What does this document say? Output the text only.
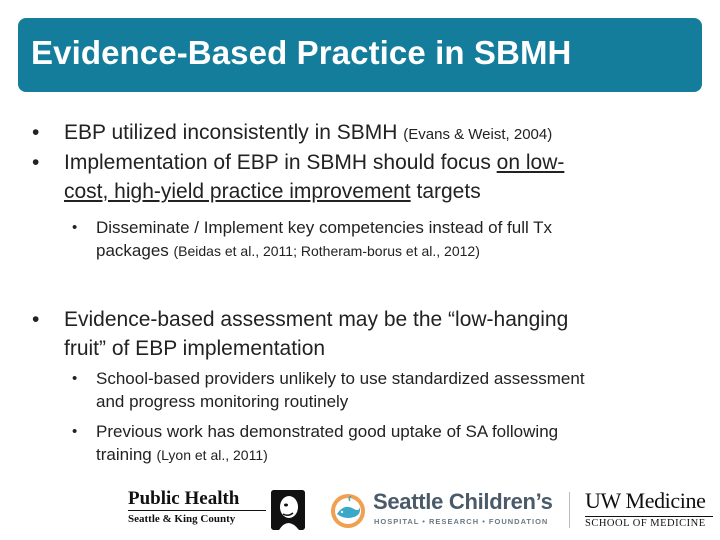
Evidence-Based Practice in SBMH
• EBP utilized inconsistently in SBMH (Evans & Weist, 2004)
• Implementation of EBP in SBMH should focus on low-
cost, high-yield practice improvement targets
• Disseminate / Implement key competencies instead of full Tx
packages (Beidas et al., 2011; Rotheram-borus et al., 2012)
• Evidence-based assessment may be the “low-hanging
fruit” of EBP implementation
• School-based providers unlikely to use standardized assessment
and progress monitoring routinely
• Previous work has demonstrated good uptake of SA following
training (Lyon et al., 2011)
Public Health
Seattle & King County
Seattle Children’s
HOSPITAL • RESEARCH • FOUNDATION
UW Medicine
SCHOOL OF MEDICINE
